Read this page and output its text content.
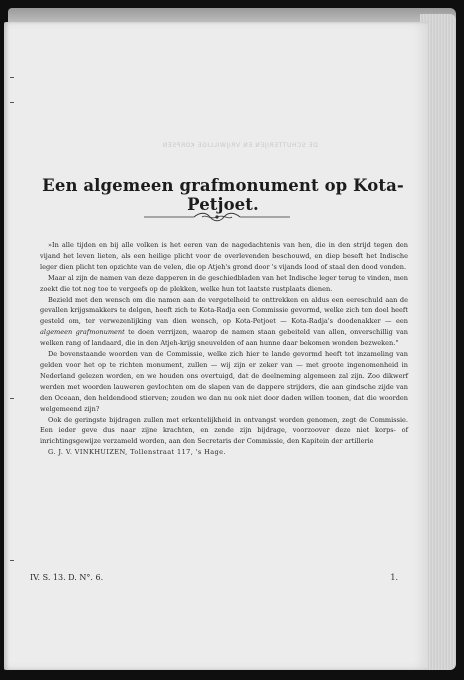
DE SCHUTTERIJEN EN VRIJWILLIGE KORPSEN
Een algemeen grafmonument op Kota-Petjoet.

»In alle tijden en bij alle volken is het eeren van de nagedachtenis van hen, die in den strijd tegen den vijand het leven lieten, als een heilige plicht voor de overlevenden beschouwd, en diep beseft het Indische leger dien plicht ten opzichte van de velen, die op Atjeh's grond door 's vijands lood of staal den dood vonden.

Maar al zijn de namen van deze dapperen in de geschiedbladen van het Indische leger terug te vinden, men zoekt die tot nog toe te vergeefs op de plekken, welke hun tot laatste rustplaats dienen.

Bezield met den wensch om die namen aan de vergetelheid te onttrekken en aldus een eereschuld aan de gevallen krijgsmakkers te delgen, heeft zich te Kota-Radja een Commissie gevormd, welke zich ten doel heeft gesteld om, ter verwezenlijking van dien wensch, op Kota-Petjoet — Kota-Radja's doodenakker — een algemeen grafmonument te doen verrijzen, waarop de namen staan gebeiteld van allen, onverschillig van welken rang of landaard, die in den Atjeh-krijg sneuvelden of aan hunne daar bekomen wonden bezweken."

De bovenstaande woorden van de Commissie, welke zich hier te lande gevormd heeft tot inzameling van gelden voor het op te richten monument, zullen — wij zijn er zeker van — met groote ingenomenheid in Nederland gelezen worden, en we houden ons overtuigd, dat de deelneming algemeen zal zijn. Zoo dikwerf werden met woorden lauweren gevlochten om de slapen van de dappere strijders, die aan gindsche zijde van den Oceaan, den heldendood stierven; zouden we dan nu ook niet door daden willen toonen, dat die woorden welgemeend zijn?

Ook de geringste bijdragen zullen met erkentelijkheid in ontvangst worden genomen, zegt de Commissie. Een ieder geve dus naar zijne krachten, en zende zijn bijdrage, voorzoover deze niet korps- of inrichtingsgewijze verzameld worden, aan den Secretaris der Commissie, den Kapitein der artillerie

G. J. V. VINKHUIZEN, Tollenstraat 117, 's Hage.

IV. S. 13. D. N°. 6.	1.
